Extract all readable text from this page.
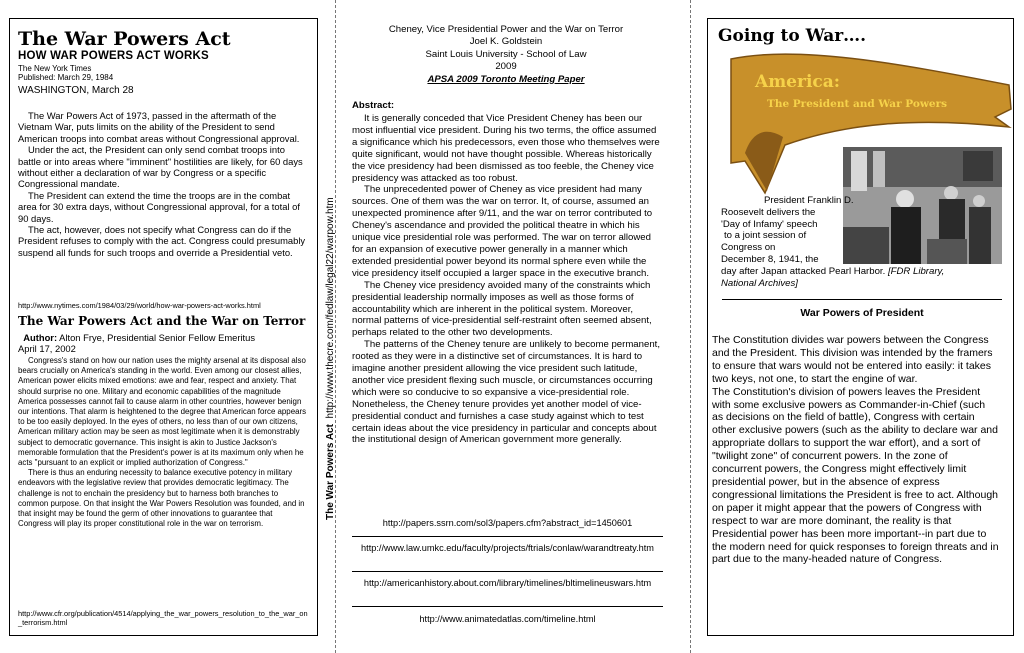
The War Powers Act
HOW WAR POWERS ACT WORKS
The New York Times
Published: March 29, 1984
WASHINGTON, March 28

The War Powers Act of 1973, passed in the aftermath of the Vietnam War, puts limits on the ability of the President to send American troops into combat areas without Congressional approval.

Under the act, the President can only send combat troops into battle or into areas where "imminent" hostilities are likely, for 60 days without either a declaration of war by Congress or a specific Congressional mandate.

The President can extend the time the troops are in the combat area for 30 extra days, without Congressional approval, for a total of 90 days.

The act, however, does not specify what Congress can do if the President refuses to comply with the act. Congress could presumably suspend all funds for such troops and override a Presidential veto.

http://www.nytimes.com/1984/03/29/world/how-war-powers-act-works.html
The War Powers Act and the War on Terror
Author: Alton Frye, Presidential Senior Fellow Emeritus
April 17, 2002

Congress's stand on how our nation uses the mighty arsenal at its disposal also bears crucially on America's standing in the world. Even among our closest allies, American power elicits mixed emotions: awe and fear, respect and anxiety. That should surprise no one. Military and economic capabilities of the magnitude America possesses cannot fail to cause alarm in other countries, however benign our intentions. That alarm is heightened to the degree that American force appears to be too easily deployed. In the eyes of others, no less than of our own citizens, American military action may be seen as most legitimate when it is demonstrably subject to democratic governance. This insight is akin to Justice Jackson's memorable formulation that the President's power is at its maximum only when he acts "pursuant to an explicit or implied authorization of Congress."

There is thus an enduring necessity to balance executive potency in military endeavors with the legislative review that provides democratic legitimacy. The challenge is not to enchain the presidency but to harness both branches to common purpose. On that insight the War Powers Resolution was founded, and in that insight may be found the germ of other innovations to guarantee that Congress will play its proper constitutional role in the war on terrorism.

http://www.cfr.org/publication/4514/applying_the_war_powers_resolution_to_the_war_on_terrorism.html
The War Powers Act  http://www.thecre.com/fedlaw/legal22/warpow.htm
Cheney, Vice Presidential Power and the War on Terror
Joel K. Goldstein
Saint Louis University - School of Law
2009
APSA 2009 Toronto Meeting Paper
Abstract:

It is generally conceded that Vice President Cheney has been our most influential vice president. During his two terms, the office assumed a significance which his predecessors, even those who themselves were quite significant, would not have thought possible. Whereas historically the vice presidency had been dismissed as too feeble, the Cheney vice presidency was attacked as too robust.

The unprecedented power of Cheney as vice president had many sources. One of them was the war on terror. It, of course, assumed an unexpected prominence after 9/11, and the war on terror contributed to Cheney's ascendance and provided the political theatre in which his unique vice presidential role was performed. The war on terror allowed for an expansion of executive power generally in a manner which extended presidential power beyond its normal sphere even while the vice presidency itself occupied a larger space in the executive branch.

The Cheney vice presidency avoided many of the constraints which presidential leadership normally imposes as well as those forms of accountability which are inherent in the political system. Moreover, normal patterns of vice-presidential self-restraint often seemed absent, perhaps related to the other two developments.

The patterns of the Cheney tenure are unlikely to become permanent, rooted as they were in a distinctive set of circumstances. It is hard to imagine another president allowing the vice president such latitude, another vice president flexing such muscle, or circumstances occurring which were so conducive to so expansive a vice-presidential role. Nonetheless, the Cheney tenure provides yet another model of vice-presidential conduct and furnishes a case study against which to test certain ideas about the vice presidency in particular and concepts about the institutional design of American government more generally.

http://papers.ssrn.com/sol3/papers.cfm?abstract_id=1450601
http://www.law.umkc.edu/faculty/projects/ftrials/conlaw/warandtreaty.htm
http://americanhistory.about.com/library/timelines/bltimelineuswars.htm
http://www.animatedatlas.com/timeline.html
Going to War….
America:
The President and War Powers
President Franklin D.
Roosevelt delivers the
'Day of Infamy' speech
to a joint session of
Congress on
December 8, 1941, the
day after Japan attacked Pearl Harbor. [FDR Library,
National Archives]
War Powers of President

The Constitution divides war powers between the Congress and the President. This division was intended by the framers to ensure that wars would not be entered into easily: it takes two keys, not one, to start the engine of war.

The Constitution's division of powers leaves the President with some exclusive powers as Commander-in-Chief (such as decisions on the field of battle), Congress with certain other exclusive powers (such as the ability to declare war and appropriate dollars to support the war effort), and a sort of "twilight zone" of concurrent powers. In the zone of concurrent powers, the Congress might effectively limit presidential power, but in the absence of express congressional limitations the President is free to act. Although on paper it might appear that the powers of Congress with respect to war are more dominant, the reality is that Presidential power has been more important--in part due to the modern need for quick responses to foreign threats and in part due to the many-headed nature of Congress.
